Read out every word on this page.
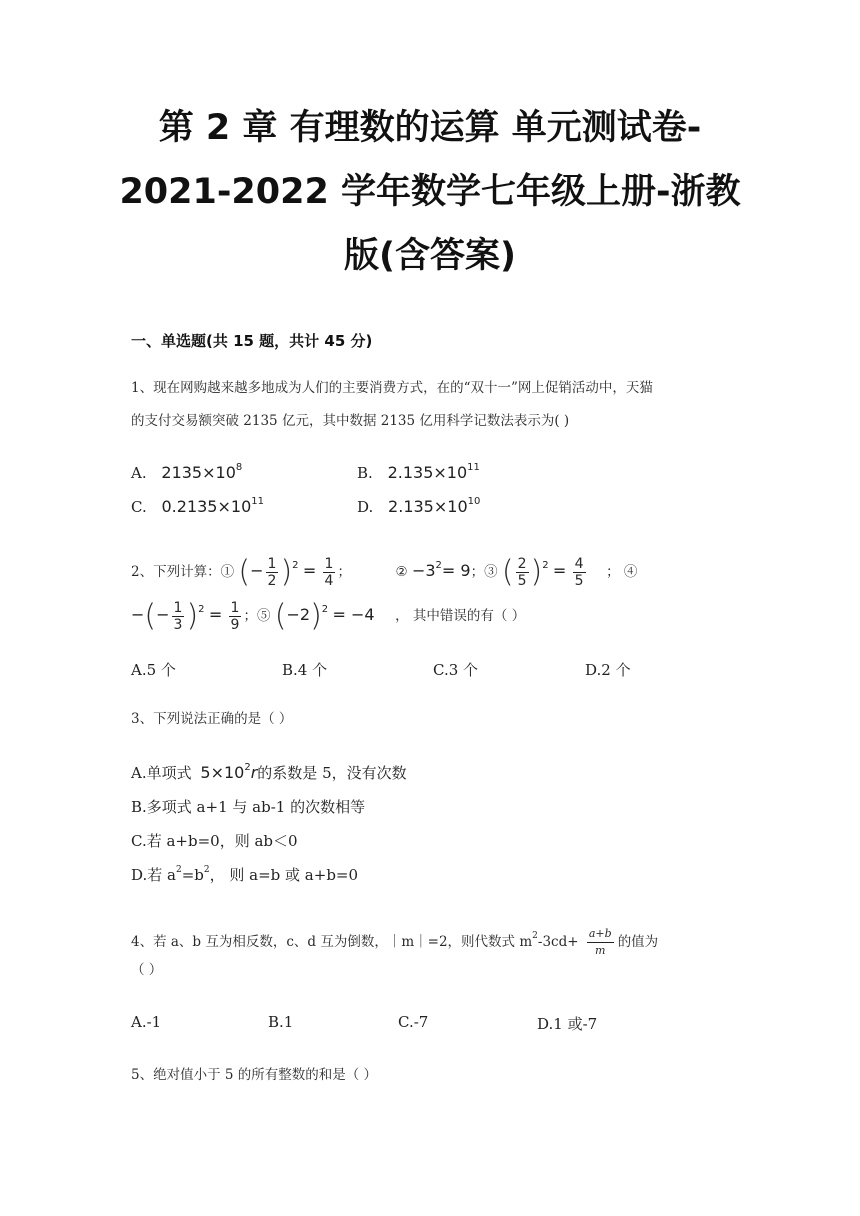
第 2 章 有理数的运算 单元测试卷-
2021-2022 学年数学七年级上册-浙教
版(含答案)
一、单选题(共 15 题，共计 45 分)
1、现在网购越来越多地成为人们的主要消费方式，在的“双十一”网上促销活动中，天猫
的支付交易额突破 2135 亿元，其中数据 2135 亿用科学记数法表示为( )
A. $2135\times 10^8$	B. $2.135\times 10^{11}$
C. $0.2135\times 10^{11}$	D. $2.135\times 10^{10}$
2、下列计算：① (− $\frac{1}{2} )^2 = \frac{1}{4}$ ；	② $-3^2= 9$；③ ( $\frac{2}{5} )^2 = \frac{4}{5}$ ； ④
−(− $\frac{1}{3} )^2 = \frac{1}{9}$ ；⑤ $(-2)^2 = -4$ ， 其中错误的有（ ）
A.5 个	B.4 个	C.3 个	D.2 个
3、下列说法正确的是（ ）
A.单项式 $5\times 10^2r$的系数是 5，没有次数
B.多项式 a+1 与 ab-1 的次数相等
C.若 a+b=0，则 ab＜0
D.若 $a^2=b^2$， 则 a=b 或 a+b=0
4、若 a、b 互为相反数，c、d 互为倒数，｜m｜=2，则代数式 $m^2-3cd+ \frac{a+b}{m}$ 的值为
（ ）
A.-1	B.1	C.-7	D.1 或-7
5、绝对值小于 5 的所有整数的和是（ ）
